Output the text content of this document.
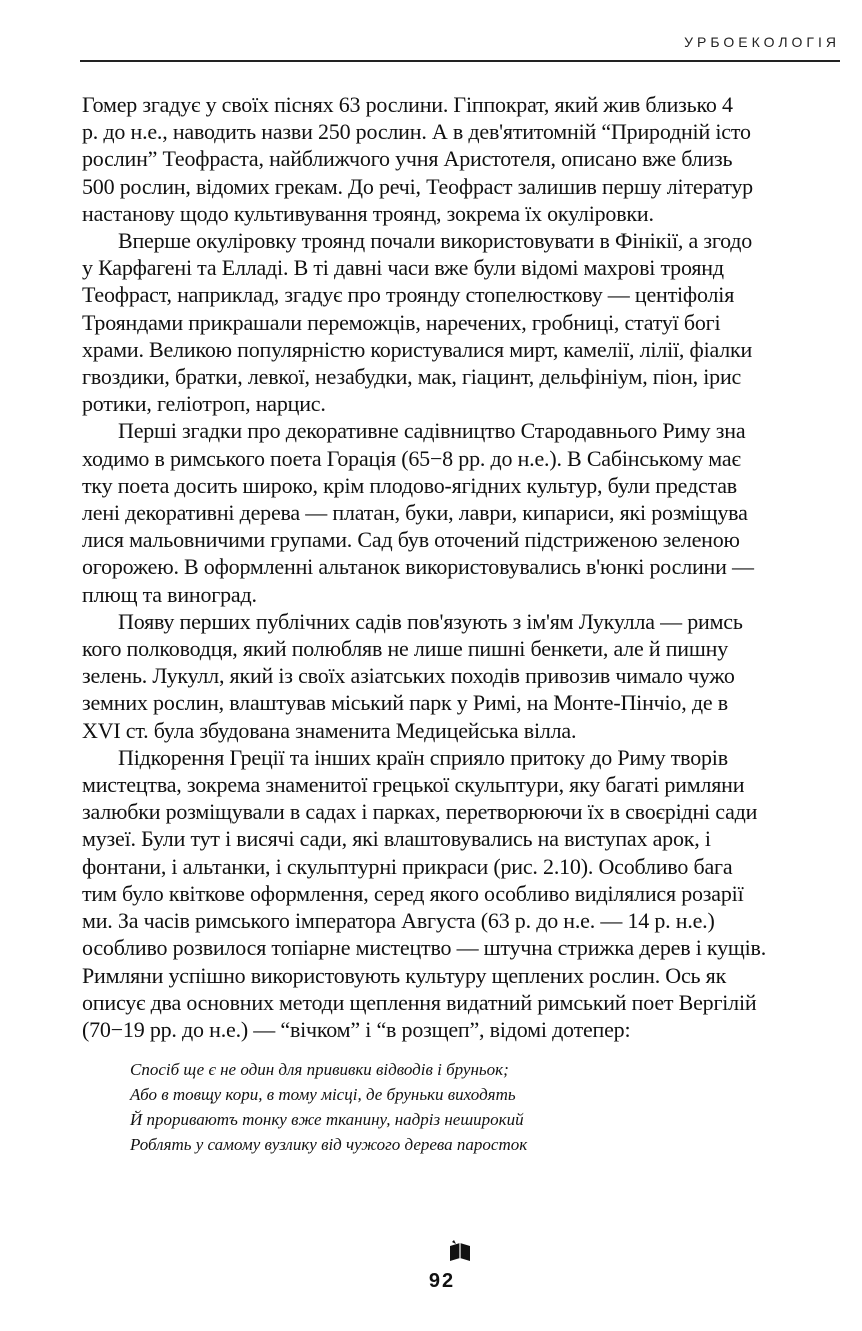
УРБОЕКОЛОГІЯ
Гомер згадує у своїх піснях 63 рослини. Гіппократ, який жив близько 4
р. до н.е., наводить назви 250 рослин. А в дев'ятитомній “Природній істо
рослин” Теофраста, найближчого учня Аристотеля, описано вже близь
500 рослин, відомих грекам. До речі, Теофраст залишив першу літератур
настанову щодо культивування троянд, зокрема їх окуліровки.
Вперше окуліровку троянд почали використовувати в Фінікії, а згодо
у Карфагені та Елладі. В ті давні часи вже були відомі махрові троянд
Теофраст, наприклад, згадує про троянду стопелюсткову — центіфолія
Трояндами прикрашали переможців, наречених, гробниці, статуї богі
храми. Великою популярністю користувалися мирт, камелії, лілії, фіалки
гвоздики, братки, левкої, незабудки, мак, гіацинт, дельфініум, піон, ірис
ротики, геліотроп, нарцис.
Перші згадки про декоративне садівництво Стародавнього Риму зна
ходимо в римського поета Горація (65−8 рр. до н.е.). В Сабінському має
тку поета досить широко, крім плодово-ягідних культур, були представ
лені декоративні дерева — платан, буки, лаври, кипариси, які розміщува
лися мальовничими групами. Сад був оточений підстриженою зеленою
огорожею. В оформленні альтанок використовувались в'юнкі рослини —
плющ та виноград.
Появу перших публічних садів пов'язують з ім'ям Лукулла — римсь
кого полководця, який полюбляв не лише пишні бенкети, але й пишну
зелень. Лукулл, який із своїх азіатських походів привозив чимало чужо
земних рослин, влаштував міський парк у Римі, на Монте-Пінчіо, де в
XVI ст. була збудована знаменита Медицейська вілла.
Підкорення Греції та інших країн сприяло притоку до Риму творів
мистецтва, зокрема знаменитої грецької скульптури, яку багаті римляни
залюбки розміщували в садах і парках, перетворюючи їх в своєрідні сади
музеї. Були тут і висячі сади, які влаштовувались на виступах арок, і
фонтани, і альтанки, і скульптурні прикраси (рис. 2.10). Особливо бага
тим було квіткове оформлення, серед якого особливо виділялися розарії
ми. За часів римського імператора Августа (63 р. до н.е. — 14 р. н.е.)
особливо розвилося топіарне мистецтво — штучна стрижка дерев і кущів.
Римляни успішно використовують культуру щеплених рослин. Ось як
описує два основних методи щеплення видатний римський поет Вергілій
(70−19 рр. до н.е.) — “вічком” і “в розщеп”, відомі дотепер:
Спосіб ще є не один для прививки відводів і бруньок;
Або в товщу кори, в тому місці, де бруньки виходять
Й прориваютъ тонку вже тканину, надріз неширокий
Роблять у самому вузлику від чужого дерева паросток
92
